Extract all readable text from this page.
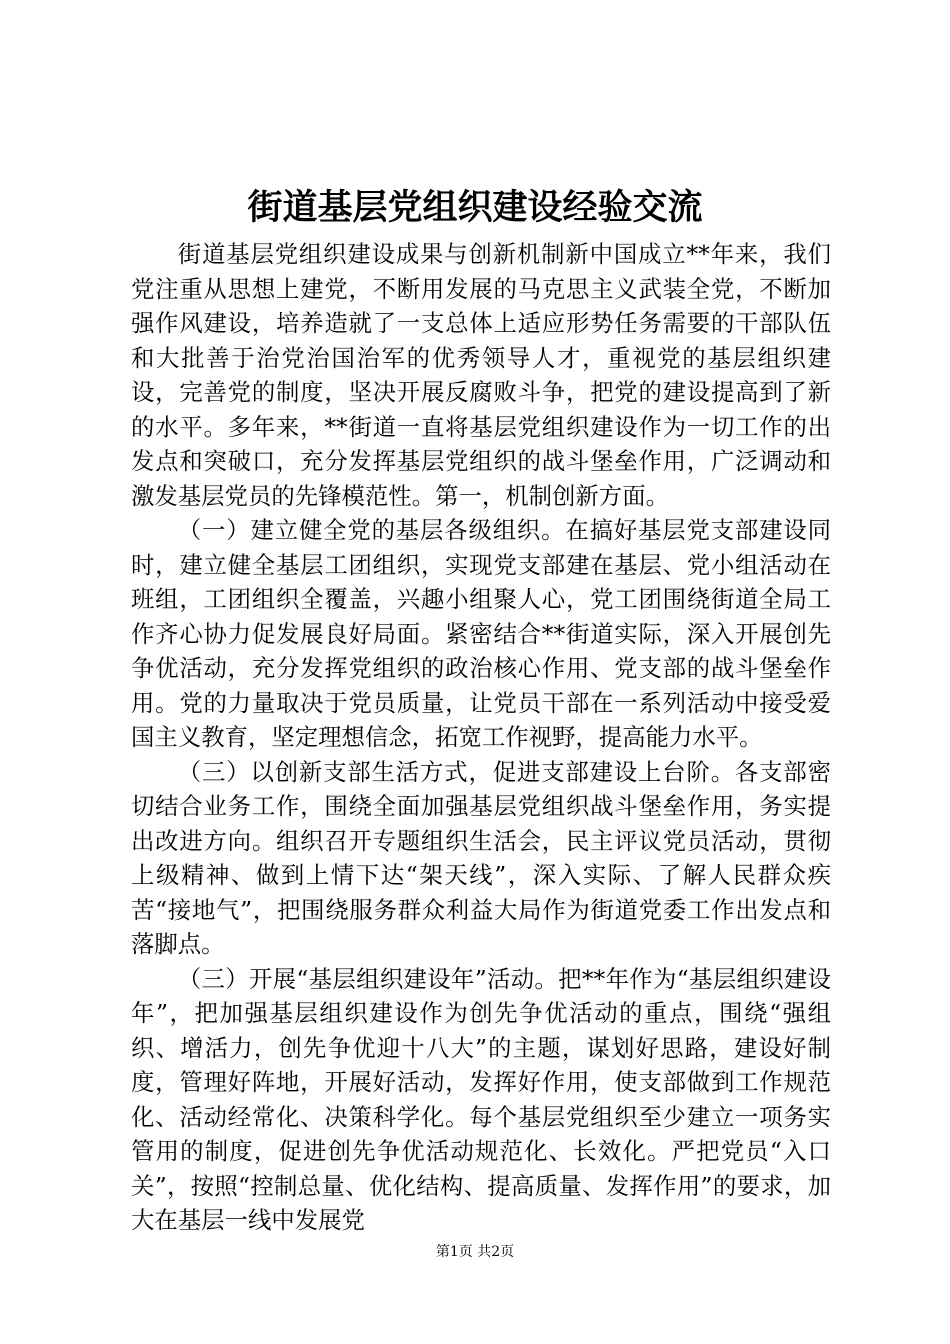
街道基层党组织建设经验交流

街道基层党组织建设成果与创新机制新中国成立**年来，我们党注重从思想上建党，不断用发展的马克思主义武装全党，不断加强作风建设，培养造就了一支总体上适应形势任务需要的干部队伍和大批善于治党治国治军的优秀领导人才，重视党的基层组织建设，完善党的制度，坚决开展反腐败斗争，把党的建设提高到了新的水平。多年来，**街道一直将基层党组织建设作为一切工作的出发点和突破口，充分发挥基层党组织的战斗堡垒作用，广泛调动和激发基层党员的先锋模范性。第一，机制创新方面。

（一）建立健全党的基层各级组织。在搞好基层党支部建设同时，建立健全基层工团组织，实现党支部建在基层、党小组活动在班组，工团组织全覆盖，兴趣小组聚人心，党工团围绕街道全局工作齐心协力促发展良好局面。紧密结合**街道实际，深入开展创先争优活动，充分发挥党组织的政治核心作用、党支部的战斗堡垒作用。党的力量取决于党员质量，让党员干部在一系列活动中接受爱国主义教育，坚定理想信念，拓宽工作视野，提高能力水平。

（三）以创新支部生活方式，促进支部建设上台阶。各支部密切结合业务工作，围绕全面加强基层党组织战斗堡垒作用，务实提出改进方向。组织召开专题组织生活会，民主评议党员活动，贯彻上级精神、做到上情下达“架天线”，深入实际、了解人民群众疾苦“接地气”，把围绕服务群众利益大局作为街道党委工作出发点和落脚点。

（三）开展“基层组织建设年”活动。把**年作为“基层组织建设年”，把加强基层组织建设作为创先争优活动的重点，围绕“强组织、增活力，创先争优迎十八大”的主题，谋划好思路，建设好制度，管理好阵地，开展好活动，发挥好作用，使支部做到工作规范化、活动经常化、决策科学化。每个基层党组织至少建立一项务实管用的制度，促进创先争优活动规范化、长效化。严把党员“入口关”，按照“控制总量、优化结构、提高质量、发挥作用”的要求，加大在基层一线中发展党

第1页 共2页
